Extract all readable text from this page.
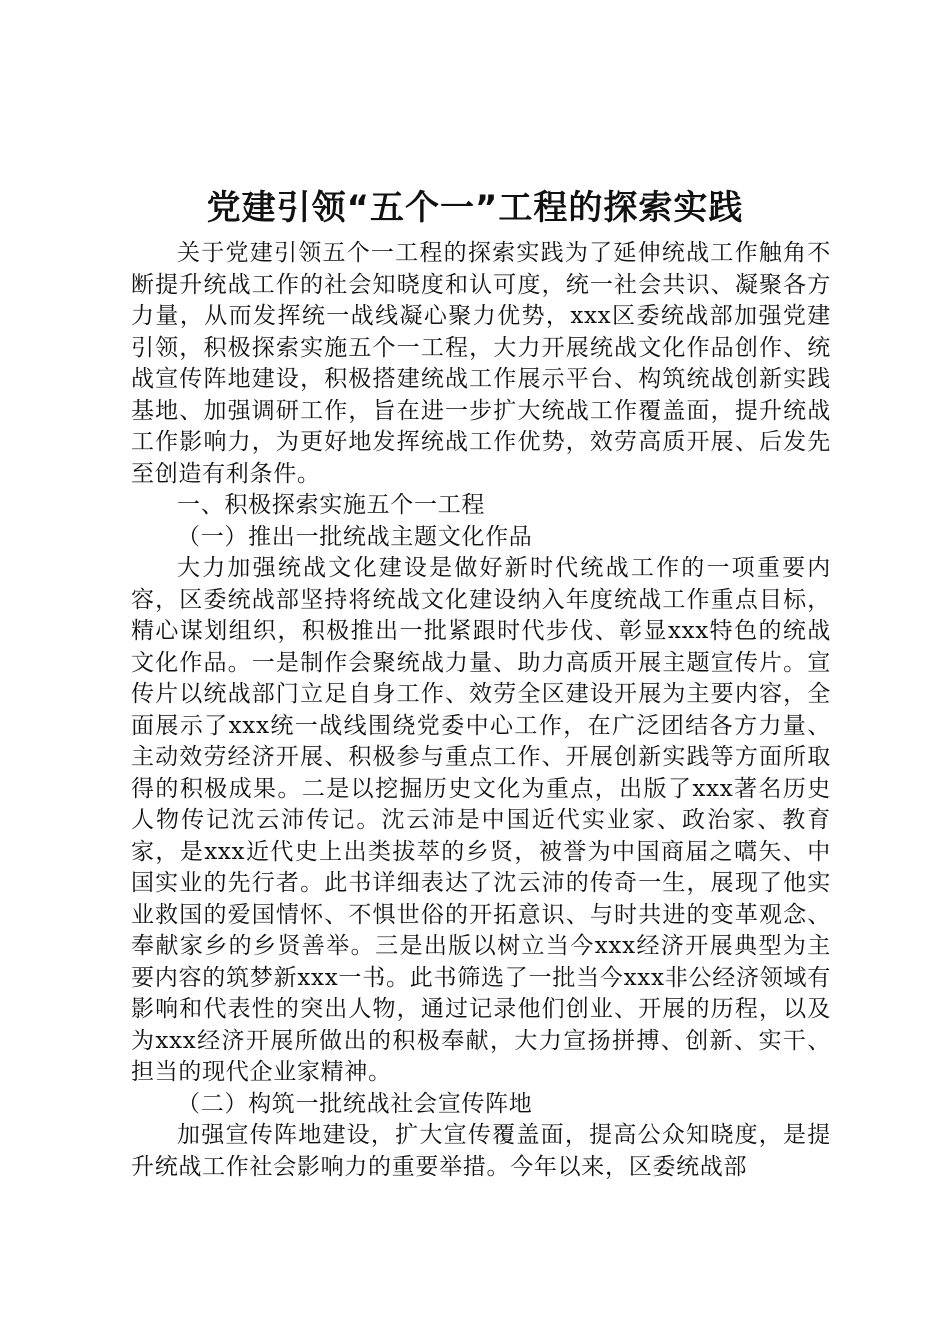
党建引领“五个一”工程的探索实践

关于党建引领五个一工程的探索实践为了延伸统战工作触角不断提升统战工作的社会知晓度和认可度，统一社会共识、凝聚各方力量，从而发挥统一战线凝心聚力优势，xxx区委统战部加强党建引领，积极探索实施五个一工程，大力开展统战文化作品创作、统战宣传阵地建设，积极搭建统战工作展示平台、构筑统战创新实践基地、加强调研工作，旨在进一步扩大统战工作覆盖面，提升统战工作影响力，为更好地发挥统战工作优势，效劳高质开展、后发先至创造有利条件。

一、积极探索实施五个一工程

（一）推出一批统战主题文化作品

大力加强统战文化建设是做好新时代统战工作的一项重要内容，区委统战部坚持将统战文化建设纳入年度统战工作重点目标，精心谋划组织，积极推出一批紧跟时代步伐、彰显xxx特色的统战文化作品。一是制作会聚统战力量、助力高质开展主题宣传片。宣传片以统战部门立足自身工作、效劳全区建设开展为主要内容，全面展示了xxx统一战线围绕党委中心工作，在广泛团结各方力量、主动效劳经济开展、积极参与重点工作、开展创新实践等方面所取得的积极成果。二是以挖掘历史文化为重点，出版了xxx著名历史人物传记沈云沛传记。沈云沛是中国近代实业家、政治家、教育家，是xxx近代史上出类拔萃的乡贤，被誉为中国商届之嚆矢、中国实业的先行者。此书详细表达了沈云沛的传奇一生，展现了他实业救国的爱国情怀、不惧世俗的开拓意识、与时共进的变革观念、奉献家乡的乡贤善举。三是出版以树立当今xxx经济开展典型为主要内容的筑梦新xxx一书。此书筛选了一批当今xxx非公经济领域有影响和代表性的突出人物，通过记录他们创业、开展的历程，以及为xxx经济开展所做出的积极奉献，大力宣扬拼搏、创新、实干、担当的现代企业家精神。

（二）构筑一批统战社会宣传阵地

加强宣传阵地建设，扩大宣传覆盖面，提高公众知晓度，是提升统战工作社会影响力的重要举措。今年以来，区委统战部
